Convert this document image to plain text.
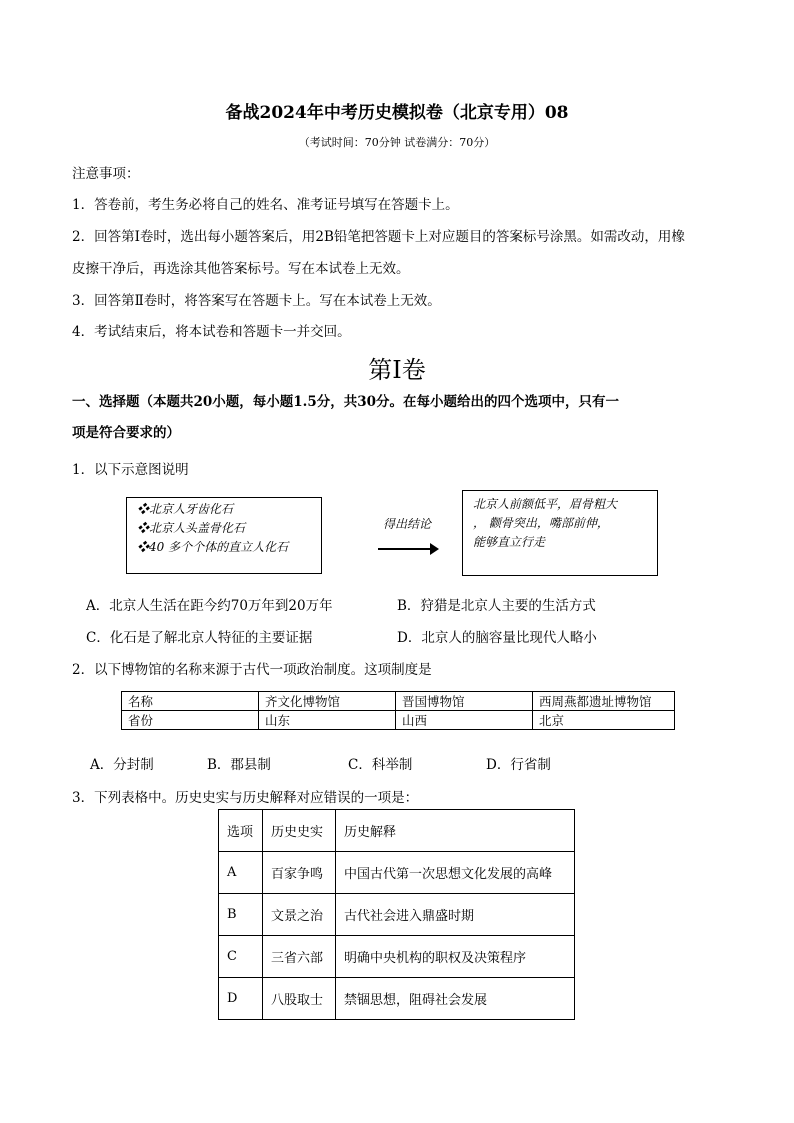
备战2024年中考历史模拟卷（北京专用）08
（考试时间：70分钟 试卷满分：70分）
注意事项：
1．答卷前，考生务必将自己的姓名、准考证号填写在答题卡上。
2．回答第Ⅰ卷时，选出每小题答案后，用2B铅笔把答题卡上对应题目的答案标号涂黑。如需改动，用橡
皮擦干净后，再选涂其他答案标号。写在本试卷上无效。
3．回答第Ⅱ卷时，将答案写在答题卡上。写在本试卷上无效。
4．考试结束后，将本试卷和答题卡一并交回。
第Ⅰ卷
一、选择题（本题共20小题，每小题1.5分，共30分。在每小题给出的四个选项中，只有一
项是符合要求的）
1．以下示意图说明
❖北京人牙齿化石
❖北京人头盖骨化石
❖40 多个个体的直立人化石
得出结论
北京人前额低平，眉骨粗大
， 颧骨突出，嘴部前伸，
能够直立行走
A．北京人生活在距今约70万年到20万年	B．狩猎是北京人主要的生活方式
C．化石是了解北京人特征的主要证据	D．北京人的脑容量比现代人略小
2．以下博物馆的名称来源于古代一项政治制度。这项制度是
名称	齐文化博物馆	晋国博物馆	西周燕都遗址博物馆
省份	山东	山西	北京
A．分封制	B．郡县制	C．科举制	D．行省制
3．下列表格中。历史史实与历史解释对应错误的一项是：
选项	历史史实	历史解释
A	百家争鸣	中国古代第一次思想文化发展的高峰
B	文景之治	古代社会进入鼎盛时期
C	三省六部	明确中央机构的职权及决策程序
D	八股取士	禁锢思想，阻碍社会发展
